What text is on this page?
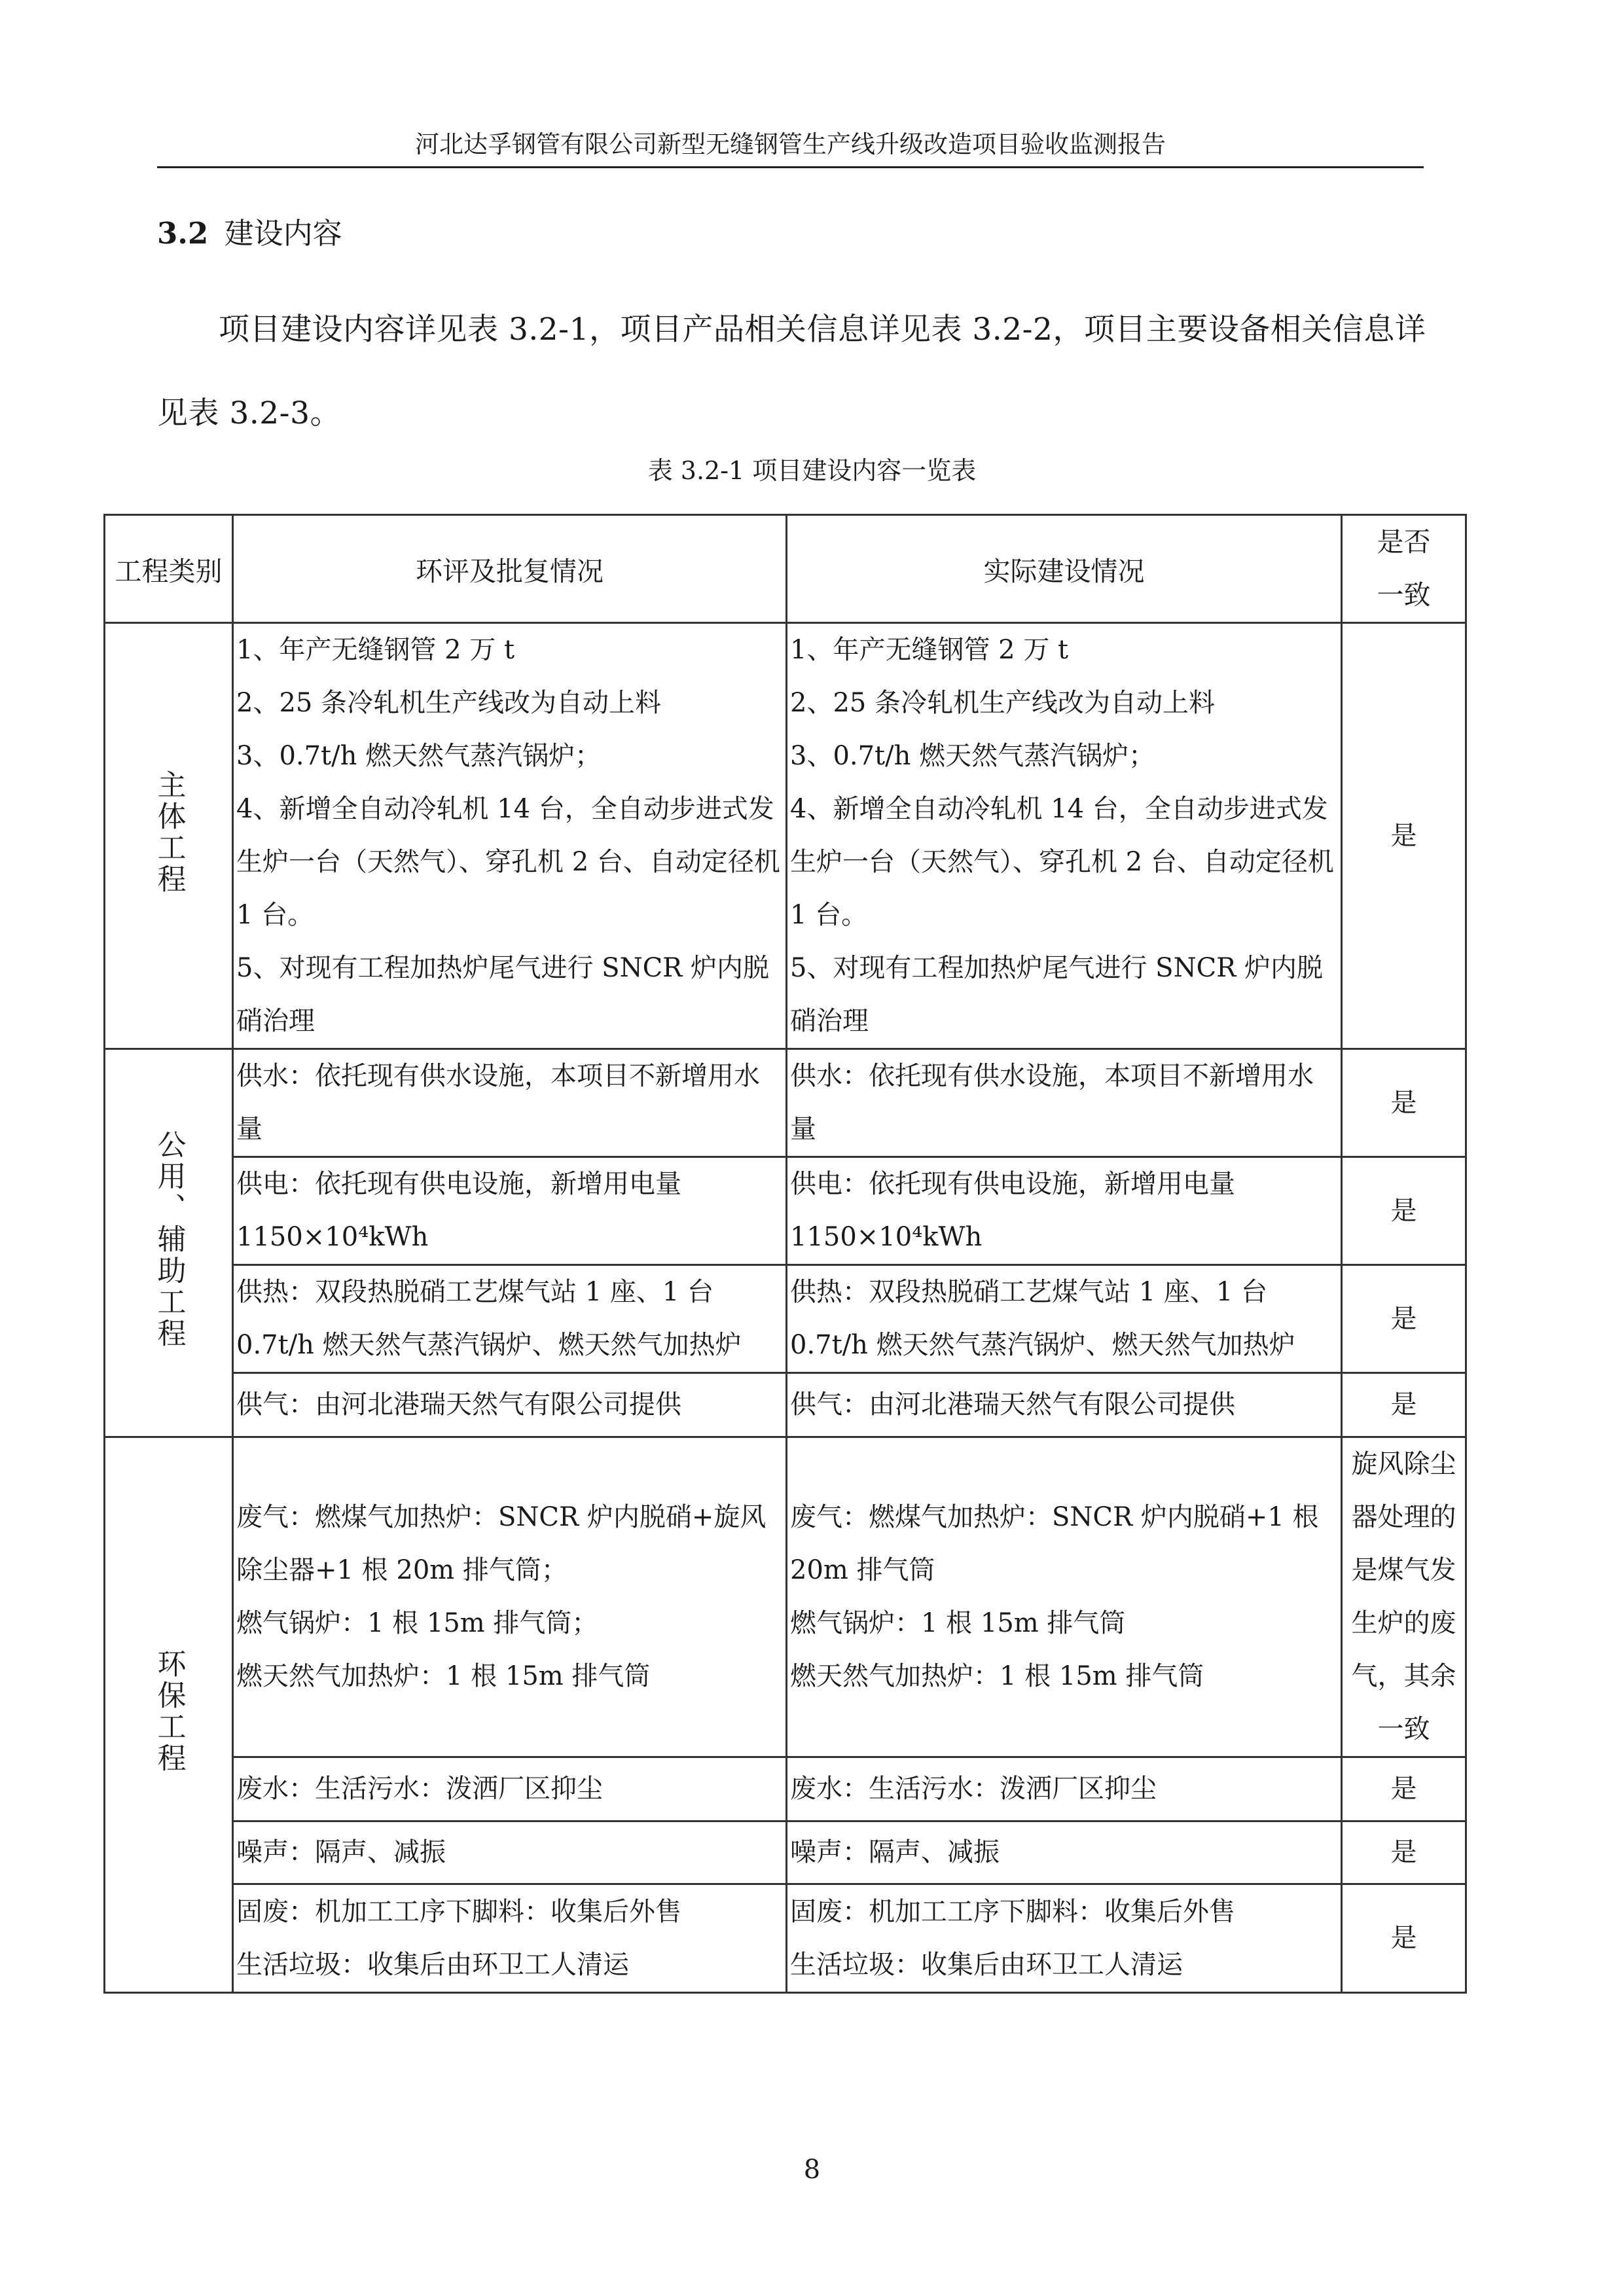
河北达孚钢管有限公司新型无缝钢管生产线升级改造项目验收监测报告
3.2 建设内容
项目建设内容详见表 3.2-1，项目产品相关信息详见表 3.2-2，项目主要设备相关信息详见表 3.2-3。
表 3.2-1 项目建设内容一览表
工程类别	环评及批复情况	实际建设情况	是否
一致
主体工程	1、年产无缝钢管 2 万 t
2、25 条冷轧机生产线改为自动上料
3、0.7t/h 燃天然气蒸汽锅炉；
4、新增全自动冷轧机 14 台，全自动步进式发生炉一台（天然气）、穿孔机 2 台、自动定径机 1 台。
5、对现有工程加热炉尾气进行 SNCR 炉内脱硝治理	1、年产无缝钢管 2 万 t
2、25 条冷轧机生产线改为自动上料
3、0.7t/h 燃天然气蒸汽锅炉；
4、新增全自动冷轧机 14 台，全自动步进式发生炉一台（天然气）、穿孔机 2 台、自动定径机 1 台。
5、对现有工程加热炉尾气进行 SNCR 炉内脱硝治理	是
公用、辅助工程	供水：依托现有供水设施，本项目不新增用水量	供水：依托现有供水设施，本项目不新增用水量	是
	供电：依托现有供电设施，新增用电量 1150×10⁴kWh	供电：依托现有供电设施，新增用电量 1150×10⁴kWh	是
	供热：双段热脱硝工艺煤气站 1 座、1 台 0.7t/h 燃天然气蒸汽锅炉、燃天然气加热炉	供热：双段热脱硝工艺煤气站 1 座、1 台 0.7t/h 燃天然气蒸汽锅炉、燃天然气加热炉	是
	供气：由河北港瑞天然气有限公司提供	供气：由河北港瑞天然气有限公司提供	是
环保工程	废气：燃煤气加热炉：SNCR 炉内脱硝+旋风除尘器+1 根 20m 排气筒；
燃气锅炉：1 根 15m 排气筒；
燃天然气加热炉：1 根 15m 排气筒	废气：燃煤气加热炉：SNCR 炉内脱硝+1 根 20m 排气筒
燃气锅炉：1 根 15m 排气筒
燃天然气加热炉：1 根 15m 排气筒	旋风除尘器处理的是煤气发生炉的废气，其余一致
	废水：生活污水：泼洒厂区抑尘	废水：生活污水：泼洒厂区抑尘	是
	噪声：隔声、减振	噪声：隔声、减振	是
	固废：机加工工序下脚料：收集后外售
生活垃圾：收集后由环卫工人清运	固废：机加工工序下脚料：收集后外售
生活垃圾：收集后由环卫工人清运	是
8
